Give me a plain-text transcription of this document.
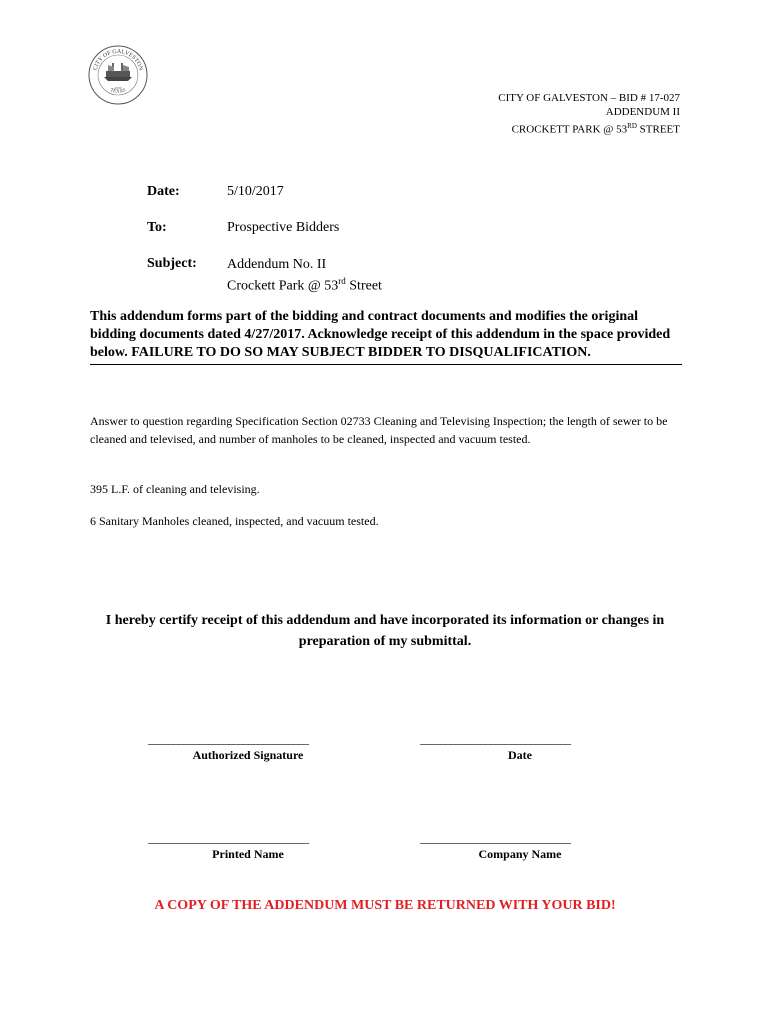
CITY OF GALVESTON
TEXAS
1839
CITY OF GALVESTON – BID # 17-027
ADDENDUM II
CROCKETT PARK @ 53RD STREET
Date:	5/10/2017
To:	Prospective Bidders
Subject: Addendum No. II
Crockett Park @ 53rd Street
This addendum forms part of the bidding and contract documents and modifies the original bidding documents dated 4/27/2017. Acknowledge receipt of this addendum in the space provided below. FAILURE TO DO SO MAY SUBJECT BIDDER TO DISQUALIFICATION.
Answer to question regarding Specification Section 02733 Cleaning and Televising Inspection; the length of sewer to be cleaned and televised, and number of manholes to be cleaned, inspected and vacuum tested.
395 L.F. of cleaning and televising.
6 Sanitary Manholes cleaned, inspected, and vacuum tested.
I hereby certify receipt of this addendum and have incorporated its information or changes in preparation of my submittal.
________________________________
Authorized Signature
______________________________
Date
________________________________
Printed Name
______________________________
Company Name
A COPY OF THE ADDENDUM MUST BE RETURNED WITH YOUR BID!
